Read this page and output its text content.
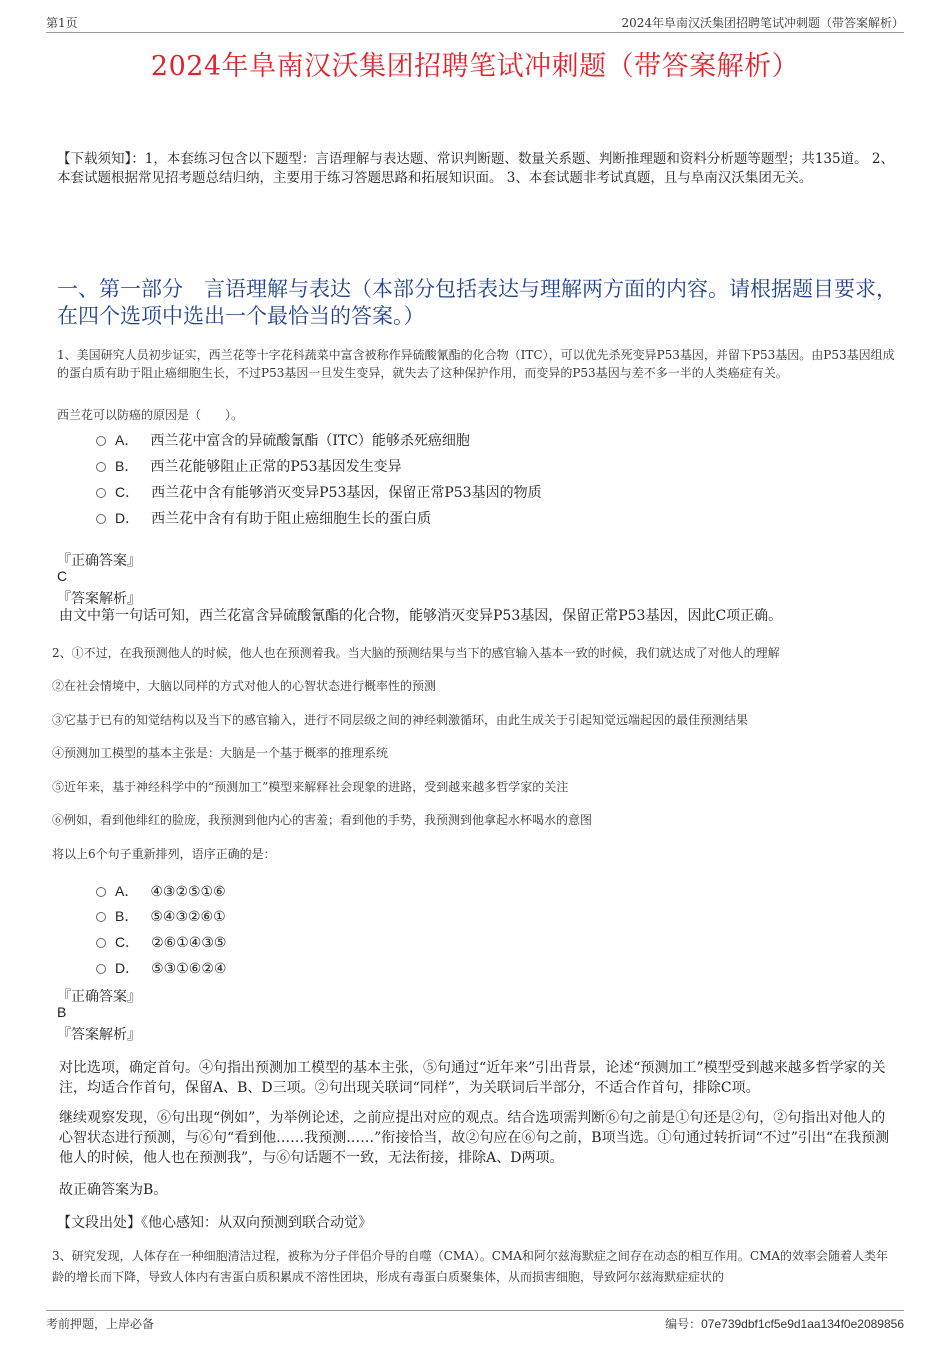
第1页	2024年阜南汉沃集团招聘笔试冲刺题（带答案解析）
2024年阜南汉沃集团招聘笔试冲刺题（带答案解析）
【下载须知】：1，本套练习包含以下题型：言语理解与表达题、常识判断题、数量关系题、判断推理题和资料分析题等题型；共135道。 2、本套试题根据常见招考题总结归纳，主要用于练习答题思路和拓展知识面。 3、本套试题非考试真题，且与阜南汉沃集团无关。
一、第一部分　言语理解与表达（本部分包括表达与理解两方面的内容。请根据题目要求，在四个选项中选出一个最恰当的答案。）
1、美国研究人员初步证实，西兰花等十字花科蔬菜中富含被称作异硫酸氰酯的化合物（ITC），可以优先杀死变异P53基因，并留下P53基因。由P53基因组成的蛋白质有助于阻止癌细胞生长，不过P53基因一旦发生变异，就失去了这种保护作用，而变异的P53基因与差不多一半的人类癌症有关。
西兰花可以防癌的原因是（　　）。
A． 西兰花中富含的异硫酸氰酯（ITC）能够杀死癌细胞
B． 西兰花能够阻止正常的P53基因发生变异
C． 西兰花中含有能够消灭变异P53基因，保留正常P53基因的物质
D． 西兰花中含有有助于阻止癌细胞生长的蛋白质
『正确答案』
C
『答案解析』
由文中第一句话可知，西兰花富含异硫酸氰酯的化合物，能够消灭变异P53基因，保留正常P53基因，因此C项正确。
2、①不过，在我预测他人的时候，他人也在预测着我。当大脑的预测结果与当下的感官输入基本一致的时候，我们就达成了对他人的理解
②在社会情境中，大脑以同样的方式对他人的心智状态进行概率性的预测
③它基于已有的知觉结构以及当下的感官输入，进行不同层级之间的神经刺激循环，由此生成关于引起知觉远端起因的最佳预测结果
④预测加工模型的基本主张是：大脑是一个基于概率的推理系统
⑤近年来，基于神经科学中的“预测加工”模型来解释社会现象的进路，受到越来越多哲学家的关注
⑥例如，看到他绯红的脸庞，我预测到他内心的害羞；看到他的手势，我预测到他拿起水杯喝水的意图
将以上6个句子重新排列，语序正确的是：
A． ④③②⑤①⑥
B． ⑤④③②⑥①
C． ②⑥①④③⑤
D． ⑤③①⑥②④
『正确答案』
B
『答案解析』
对比选项，确定首句。④句指出预测加工模型的基本主张，⑤句通过“近年来”引出背景，论述“预测加工”模型受到越来越多哲学家的关注，均适合作首句，保留A、B、D三项。②句出现关联词“同样”，为关联词后半部分，不适合作首句，排除C项。
继续观察发现，⑥句出现“例如”，为举例论述，之前应提出对应的观点。结合选项需判断⑥句之前是①句还是②句，②句指出对他人的心智状态进行预测，与⑥句“看到他……我预测……”衔接恰当，故②句应在⑥句之前，B项当选。①句通过转折词“不过”引出“在我预测他人的时候，他人也在预测我”，与⑥句话题不一致，无法衔接，排除A、D两项。
故正确答案为B。
【文段出处】《他心感知：从双向预测到联合动觉》
3、研究发现，人体存在一种细胞清洁过程，被称为分子伴侣介导的自噬（CMA）。CMA和阿尔兹海默症之间存在动态的相互作用。CMA的效率会随着人类年龄的增长而下降，导致人体内有害蛋白质积累成不溶性团块，形成有毒蛋白质聚集体，从而损害细胞，导致阿尔兹海默症症状的
考前押题，上岸必备	编号：07e739dbf1cf5e9d1aa134f0e2089856
